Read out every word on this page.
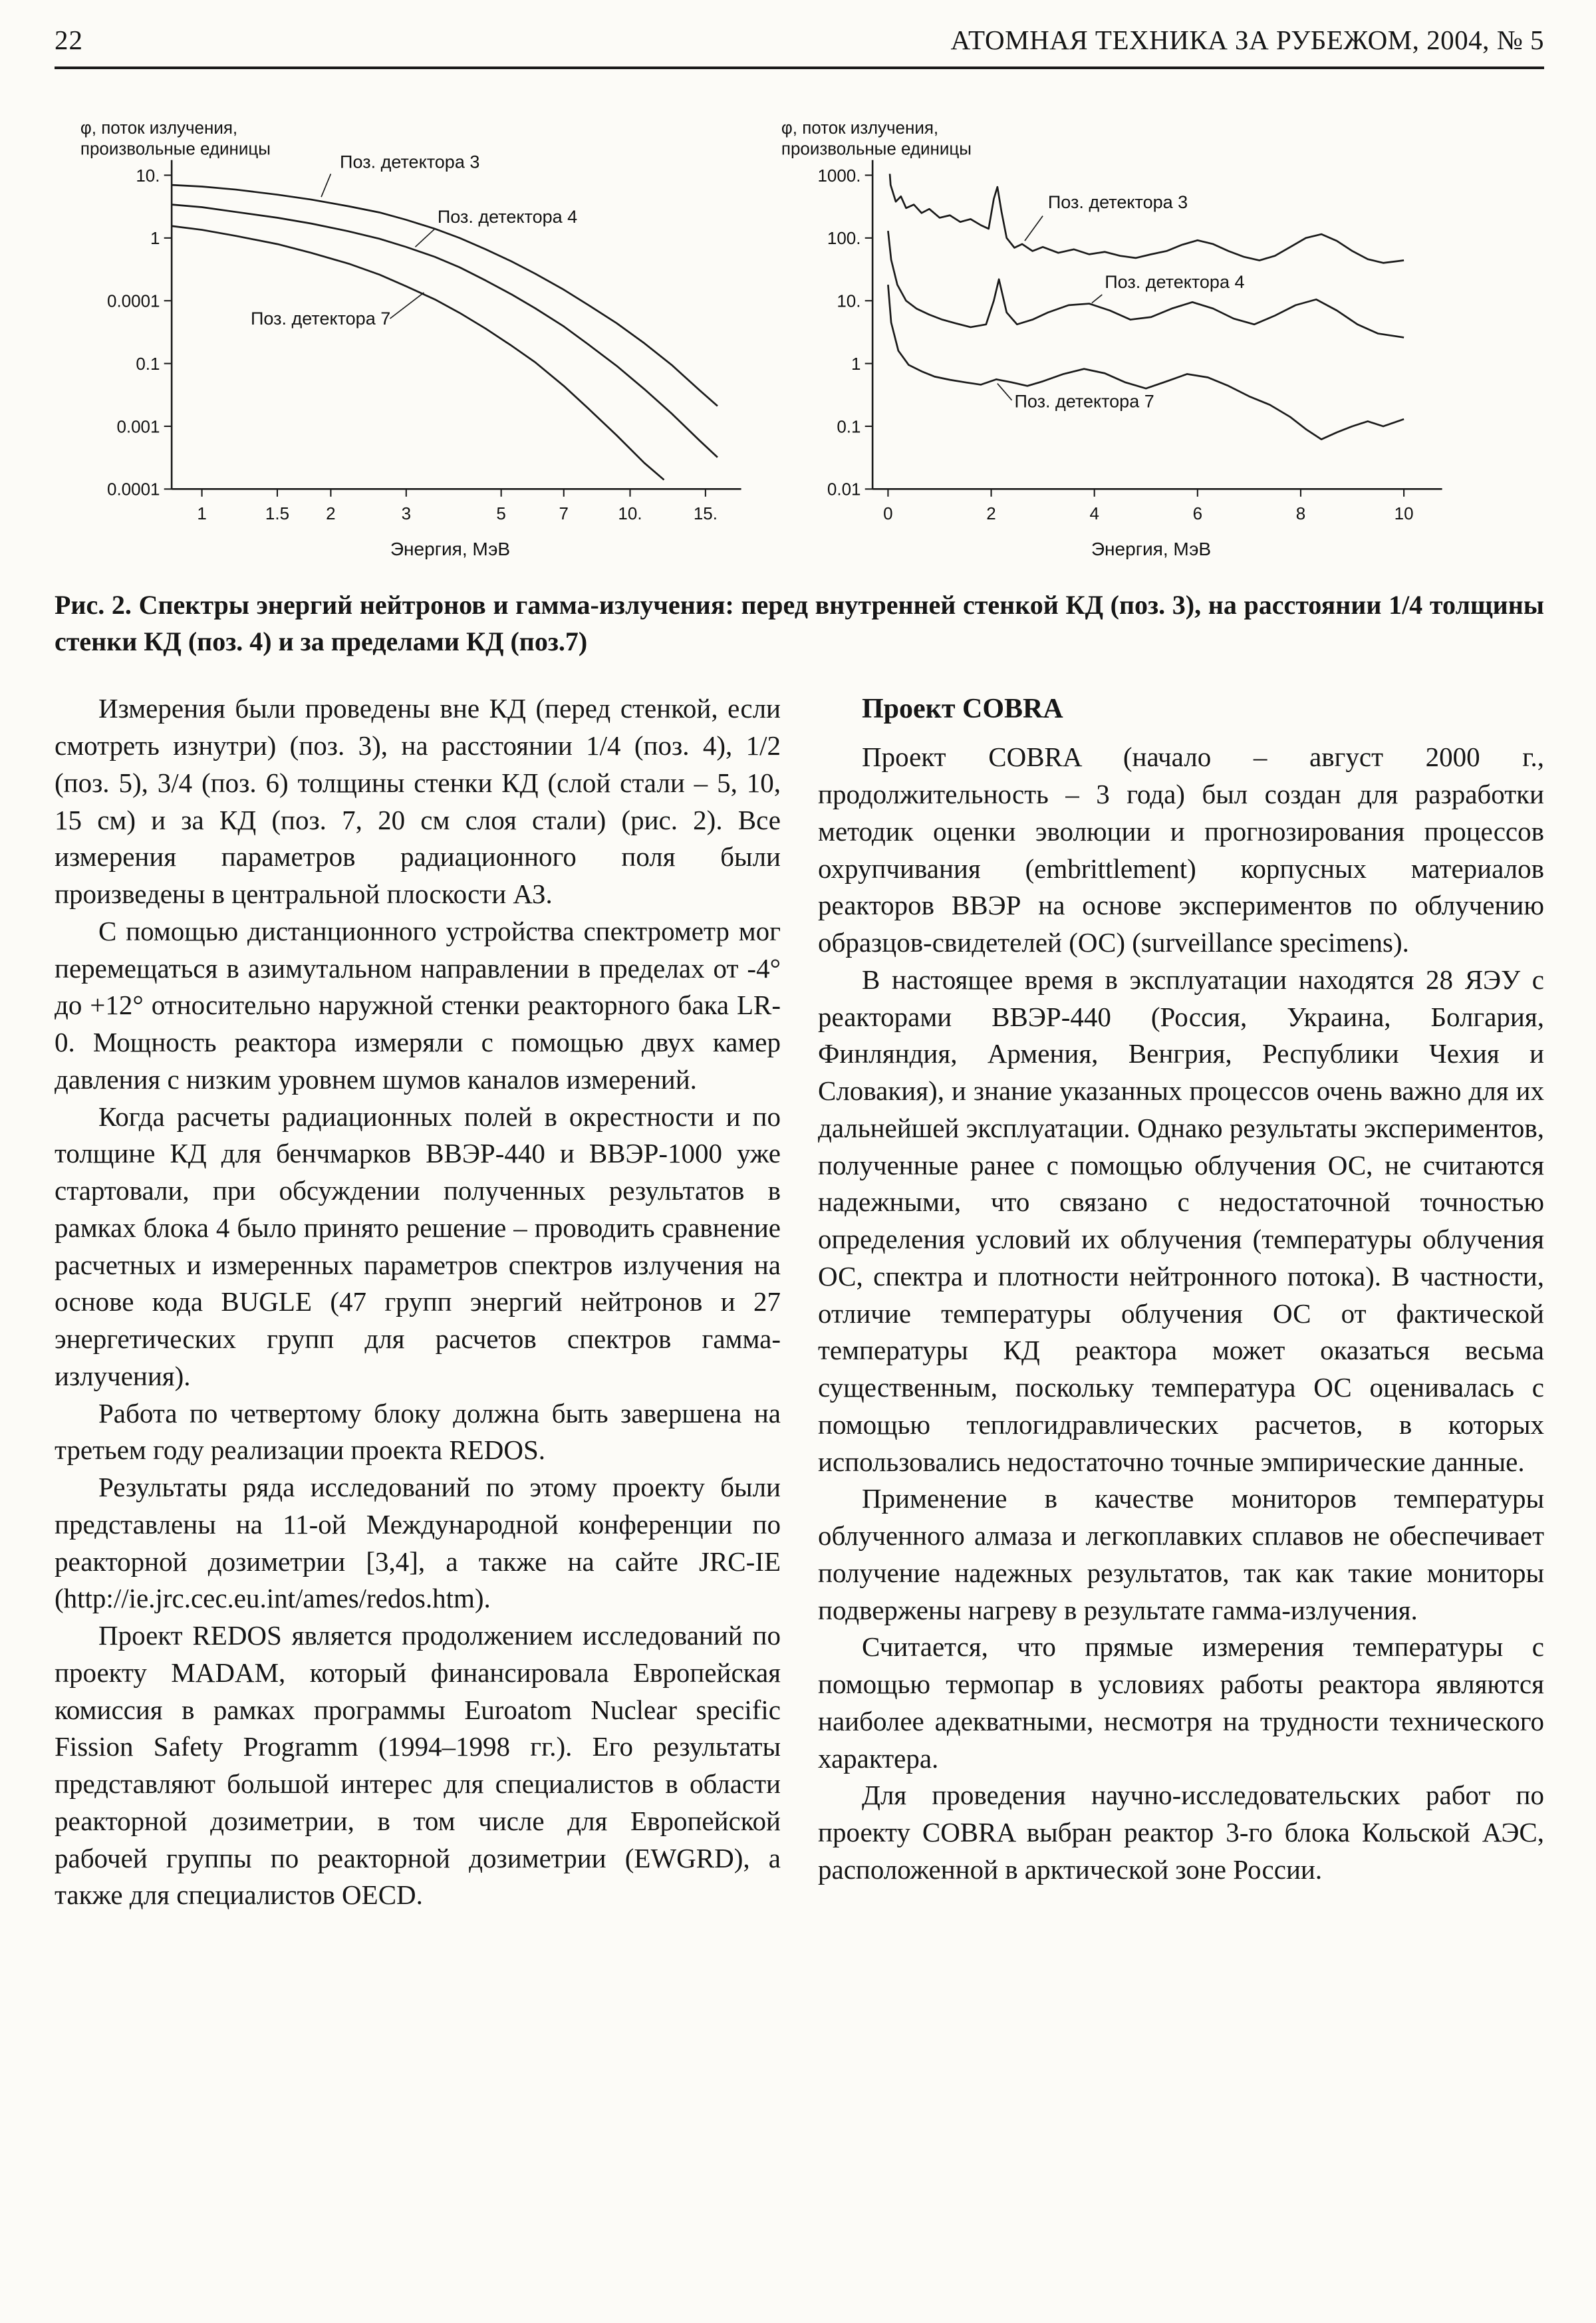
22	АТОМНАЯ ТЕХНИКА ЗА РУБЕЖОМ, 2004, № 5
10.
1
0.0001
0.1
0.001
0.0001
1	1.5 2	3	5	7	10.	15.
Энергия, МэВ
φ, поток излучения,
произвольные единицы
Поз. детектора 3
Поз. детектора 4
Поз. детектора 7
1000.
100.
10.
1
0.1
0.01
0	2	4	6	8	10
Энергия, МэВ
φ, поток излучения,
произвольные единицы
Поз. детектора 3
Поз. детектора 4
Поз. детектора 7
Рис. 2. Спектры энергий нейтронов и гамма-излучения: перед внутренней стенкой КД (поз. 3), на расстоянии 1/4 толщины стенки КД (поз. 4) и за пределами КД (поз.7)

Измерения были проведены вне КД (перед стенкой, если смотреть изнутри) (поз. 3), на расстоянии 1/4 (поз. 4), 1/2 (поз. 5), 3/4 (поз. 6) толщины стенки КД (слой стали – 5, 10, 15 см) и за КД (поз. 7, 20 см слоя стали) (рис. 2). Все измерения параметров радиационного поля были произведены в центральной плоскости АЗ.

С помощью дистанционного устройства спектрометр мог перемещаться в азимутальном направлении в пределах от -4° до +12° относительно наружной стенки реакторного бака LR-0. Мощность реактора измеряли с помощью двух камер давления с низким уровнем шумов каналов измерений.

Когда расчеты радиационных полей в окрестности и по толщине КД для бенчмарков ВВЭР-440 и ВВЭР-1000 уже стартовали, при обсуждении полученных результатов в рамках блока 4 было принято решение – проводить сравнение расчетных и измеренных параметров спектров излучения на основе кода BUGLE (47 групп энергий нейтронов и 27 энергетических групп для расчетов спектров гамма-излучения).

Работа по четвертому блоку должна быть завершена на третьем году реализации проекта REDOS.

Результаты ряда исследований по этому проекту были представлены на 11-ой Международной конференции по реакторной дозиметрии [3,4], а также на сайте JRC-IE (http://ie.jrc.cec.eu.int/ames/redos.htm).

Проект REDOS является продолжением исследований по проекту MADAM, который финансировала Европейская комиссия в рамках программы Euroatom Nuclear specific Fission Safety Programm (1994–1998 гг.). Его результаты представляют большой интерес для специалистов в области реакторной дозиметрии, в том числе для Европейской рабочей группы по реакторной дозиметрии (EWGRD), а также для специалистов OECD.

Проект COBRA

Проект COBRA (начало – август 2000 г., продолжительность – 3 года) был создан для разработки методик оценки эволюции и прогнозирования процессов охрупчивания (embrittlement) корпусных материалов реакторов ВВЭР на основе экспериментов по облучению образцов-свидетелей (ОС) (surveillance specimens).

В настоящее время в эксплуатации находятся 28 ЯЭУ с реакторами ВВЭР-440 (Россия, Украина, Болгария, Финляндия, Армения, Венгрия, Республики Чехия и Словакия), и знание указанных процессов очень важно для их дальнейшей эксплуатации. Однако результаты экспериментов, полученные ранее с помощью облучения ОС, не считаются надежными, что связано с недостаточной точностью определения условий их облучения (температуры облучения ОС, спектра и плотности нейтронного потока). В частности, отличие температуры облучения ОС от фактической температуры КД реактора может оказаться весьма существенным, поскольку температура ОС оценивалась с помощью теплогидравлических расчетов, в которых использовались недостаточно точные эмпирические данные.

Применение в качестве мониторов температуры облученного алмаза и легкоплавких сплавов не обеспечивает получение надежных результатов, так как такие мониторы подвержены нагреву в результате гамма-излучения.

Считается, что прямые измерения температуры с помощью термопар в условиях работы реактора являются наиболее адекватными, несмотря на трудности технического характера.

Для проведения научно-исследовательских работ по проекту COBRA выбран реактор 3-го блока Кольской АЭС, расположенной в арктической зоне России.
